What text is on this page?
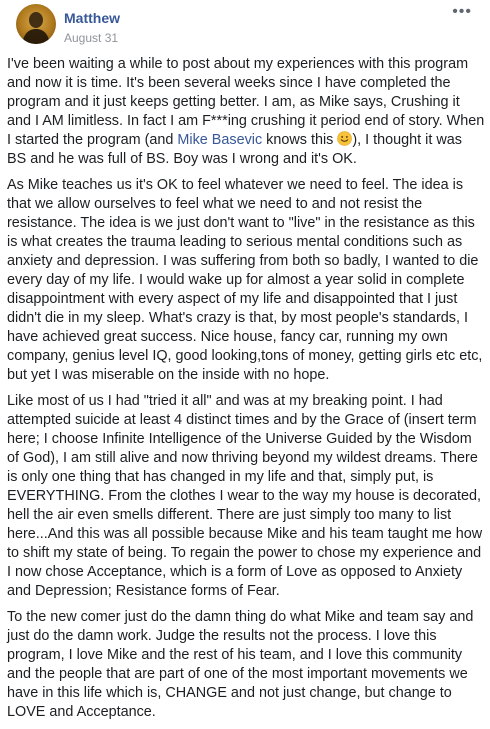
Matthew
August 31
•••

I've been waiting a while to post about my experiences with this program and now it is time. It's been several weeks since I have completed the program and it just keeps getting better. I am, as Mike says, Crushing it and I AM limitless. In fact I am F***ing crushing it period end of story. When I started the program (and Mike Basevic knows this ), I thought it was BS and he was full of BS. Boy was I wrong and it's OK.

As Mike teaches us it's OK to feel whatever we need to feel. The idea is that we allow ourselves to feel what we need to and not resist the resistance. The idea is we just don't want to "live" in the resistance as this is what creates the trauma leading to serious mental conditions such as anxiety and depression. I was suffering from both so badly, I wanted to die every day of my life. I would wake up for almost a year solid in complete disappointment with every aspect of my life and disappointed that I just didn't die in my sleep. What's crazy is that, by most people's standards, I have achieved great success. Nice house, fancy car, running my own company, genius level IQ, good looking,tons of money, getting girls etc etc, but yet I was miserable on the inside with no hope.

Like most of us I had "tried it all" and was at my breaking point. I had attempted suicide at least 4 distinct times and by the Grace of (insert term here; I choose Infinite Intelligence of the Universe Guided by the Wisdom of God), I am still alive and now thriving beyond my wildest dreams. There is only one thing that has changed in my life and that, simply put, is EVERYTHING. From the clothes I wear to the way my house is decorated, hell the air even smells different. There are just simply too many to list here...And this was all possible because Mike and his team taught me how to shift my state of being. To regain the power to chose my experience and I now chose Acceptance, which is a form of Love as opposed to Anxiety and Depression; Resistance forms of Fear.

To the new comer just do the damn thing do what Mike and team say and just do the damn work. Judge the results not the process. I love this program, I love Mike and the rest of his team, and I love this community and the people that are part of one of the most important movements we have in this life which is, CHANGE and not just change, but change to LOVE and Acceptance.
